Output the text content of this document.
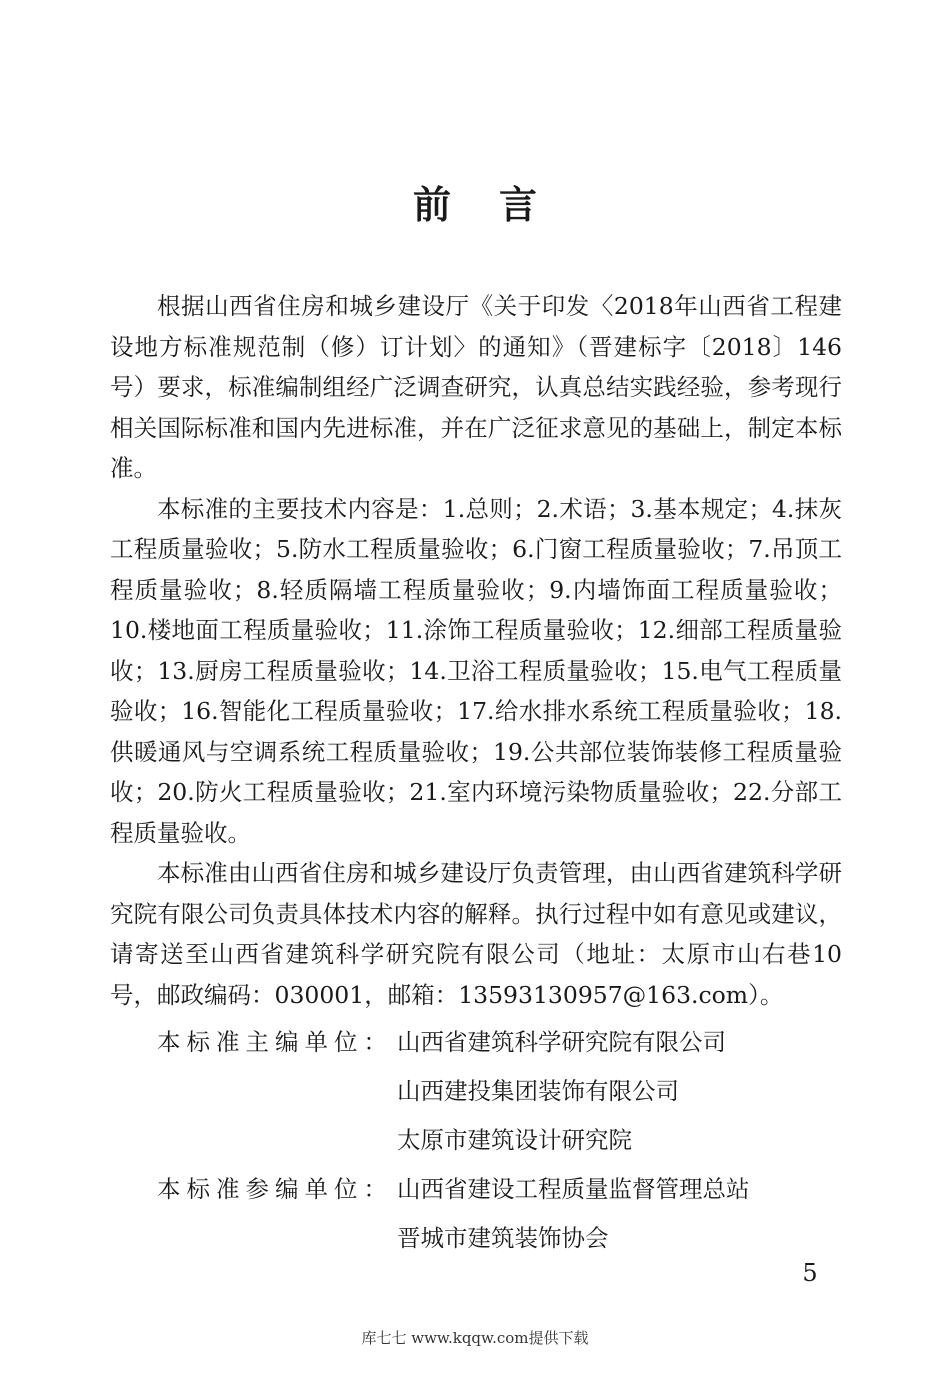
前言

根据山西省住房和城乡建设厅《关于印发〈2018年山西省工程建设地方标准规范制（修）订计划〉的通知》（晋建标字〔2018〕146号）要求，标准编制组经广泛调查研究，认真总结实践经验，参考现行相关国际标准和国内先进标准，并在广泛征求意见的基础上，制定本标准。

本标准的主要技术内容是：1.总则；2.术语；3.基本规定；4.抹灰工程质量验收；5.防水工程质量验收；6.门窗工程质量验收；7.吊顶工程质量验收；8.轻质隔墙工程质量验收；9.内墙饰面工程质量验收；10.楼地面工程质量验收；11.涂饰工程质量验收；12.细部工程质量验收；13.厨房工程质量验收；14.卫浴工程质量验收；15.电气工程质量验收；16.智能化工程质量验收；17.给水排水系统工程质量验收；18.供暖通风与空调系统工程质量验收；19.公共部位装饰装修工程质量验收；20.防火工程质量验收；21.室内环境污染物质量验收；22.分部工程质量验收。

本标准由山西省住房和城乡建设厅负责管理，由山西省建筑科学研究院有限公司负责具体技术内容的解释。执行过程中如有意见或建议，请寄送至山西省建筑科学研究院有限公司（地址：太原市山右巷10号，邮政编码：030001，邮箱：13593130957@163.com）。

本标准主编单位： 山西省建筑科学研究院有限公司
山西建投集团装饰有限公司
太原市建筑设计研究院
本标准参编单位： 山西省建设工程质量监督管理总站
晋城市建筑装饰协会
5
库七七 www.kqqw.com提供下载
